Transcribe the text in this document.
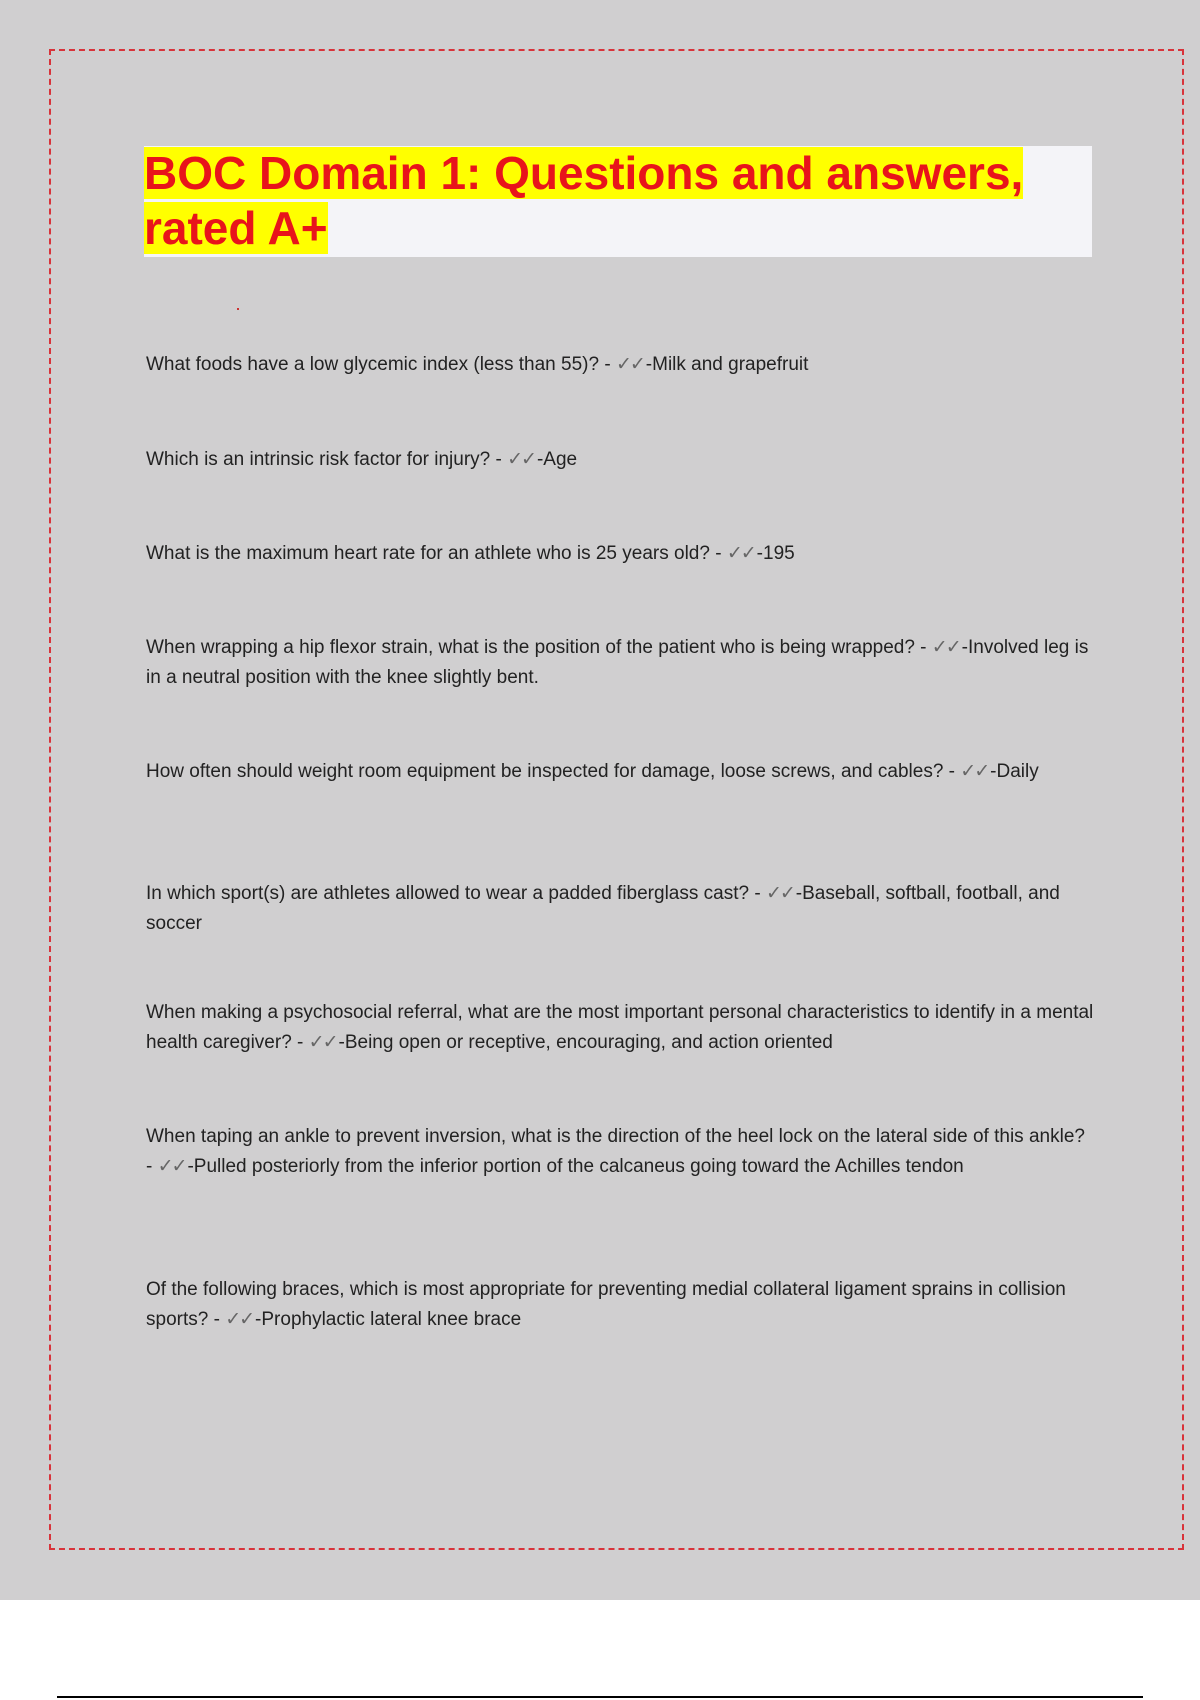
BOC Domain 1: Questions and answers, rated A+
What foods have a low glycemic index (less than 55)? - ✓✓ -Milk and grapefruit
Which is an intrinsic risk factor for injury? - ✓✓ -Age
What is the maximum heart rate for an athlete who is 25 years old? - ✓✓ -195
When wrapping a hip flexor strain, what is the position of the patient who is being wrapped? - ✓✓ -Involved leg is in a neutral position with the knee slightly bent.
How often should weight room equipment be inspected for damage, loose screws, and cables? - ✓✓ -Daily
In which sport(s) are athletes allowed to wear a padded fiberglass cast? - ✓✓ -Baseball, softball, football, and soccer
When making a psychosocial referral, what are the most important personal characteristics to identify in a mental health caregiver? - ✓✓ -Being open or receptive, encouraging, and action oriented
When taping an ankle to prevent inversion, what is the direction of the heel lock on the lateral side of this ankle? - ✓✓ -Pulled posteriorly from the inferior portion of the calcaneus going toward the Achilles tendon
Of the following braces, which is most appropriate for preventing medial collateral ligament sprains in collision sports? - ✓✓ -Prophylactic lateral knee brace
